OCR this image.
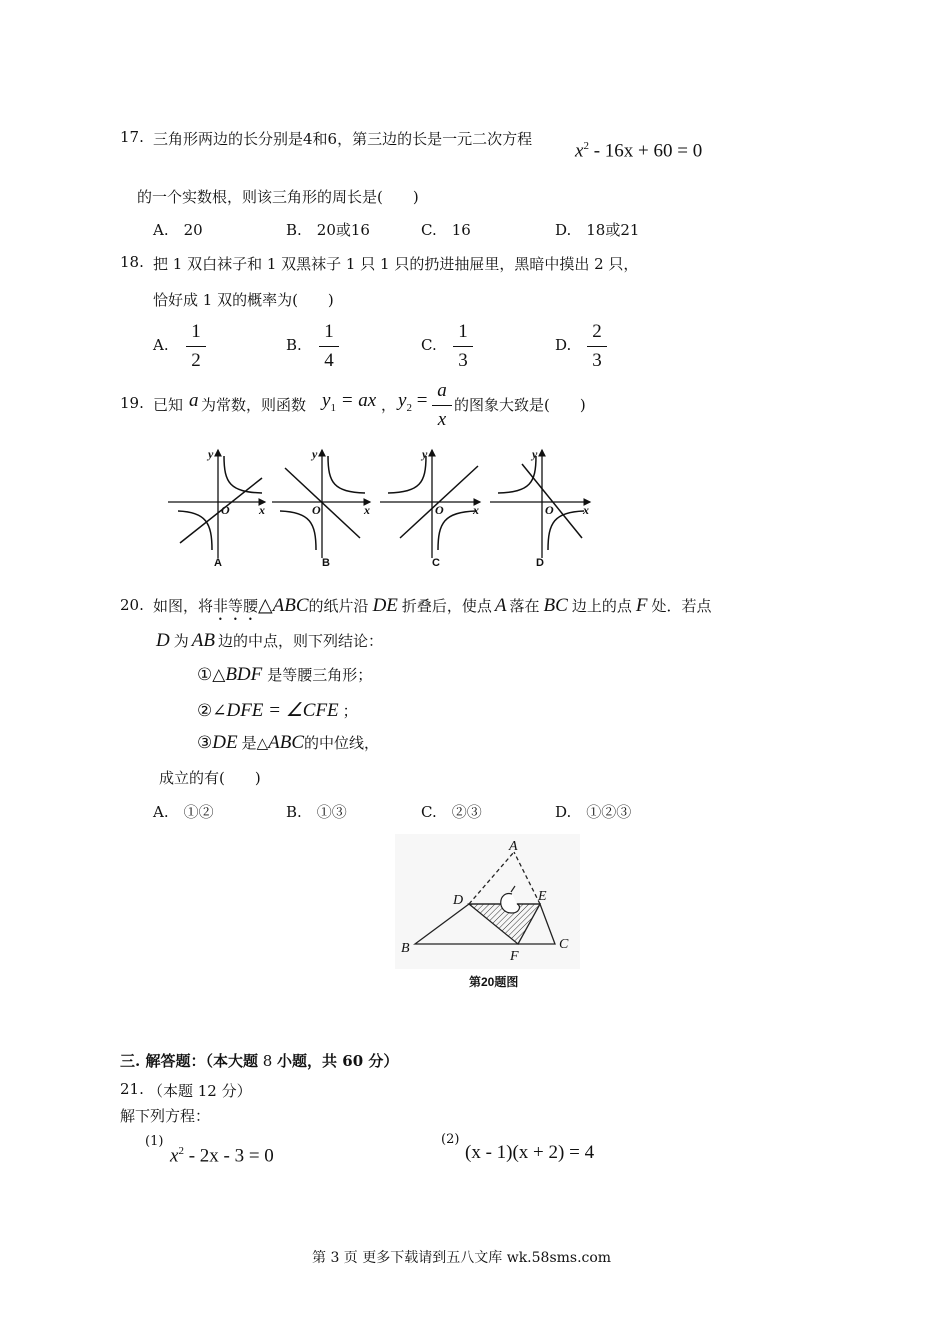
17. 三角形两边的长分别是4和6，第三边的长是一元二次方程
$x^2 - 16x + 60 = 0$
的一个实数根，则该三角形的周长是(　　)
A.　20	B.　20或16	C.　16	D.　18或21
18. 把 1 双白袜子和 1 双黑袜子 1 只 1 只的扔进抽屉里，黑暗中摸出 2 只，
恰好成 1 双的概率为(　　)
A.
1
2
B.
1
4
C.
1
3
D.
2
3
19. 已知 a 为常数，则函数 $y_1$ = ax ， $y_2 = a$
x
的图象大致是(　　)
y
x
O
y
x
O
y
x
O
y
x
O
A	B	C	D
20. 如图，将非等腰△ABC的纸片沿 DE 折叠后，使点 A 落在 BC 边上的点 F 处．若点
D 为 AB 边的中点，则下列结论：
①△BDF 是等腰三角形；
②∠DFE = ∠CFE ；
③DE 是△ABC的中位线，
成立的有(　　)
A.　①②	B.　①③	C.　②③	D.　①②③
A
B	C
D	E
F
第20题图
三. 解答题：（本大题 8 小题，共 60 分）
21. （本题 12 分）
解下列方程：
(1)
$x^2 - 2x - 3 = 0$
(2)
(x - 1)(x + 2) = 4
第 3 页 更多下载请到五八文库 wk.58sms.com
